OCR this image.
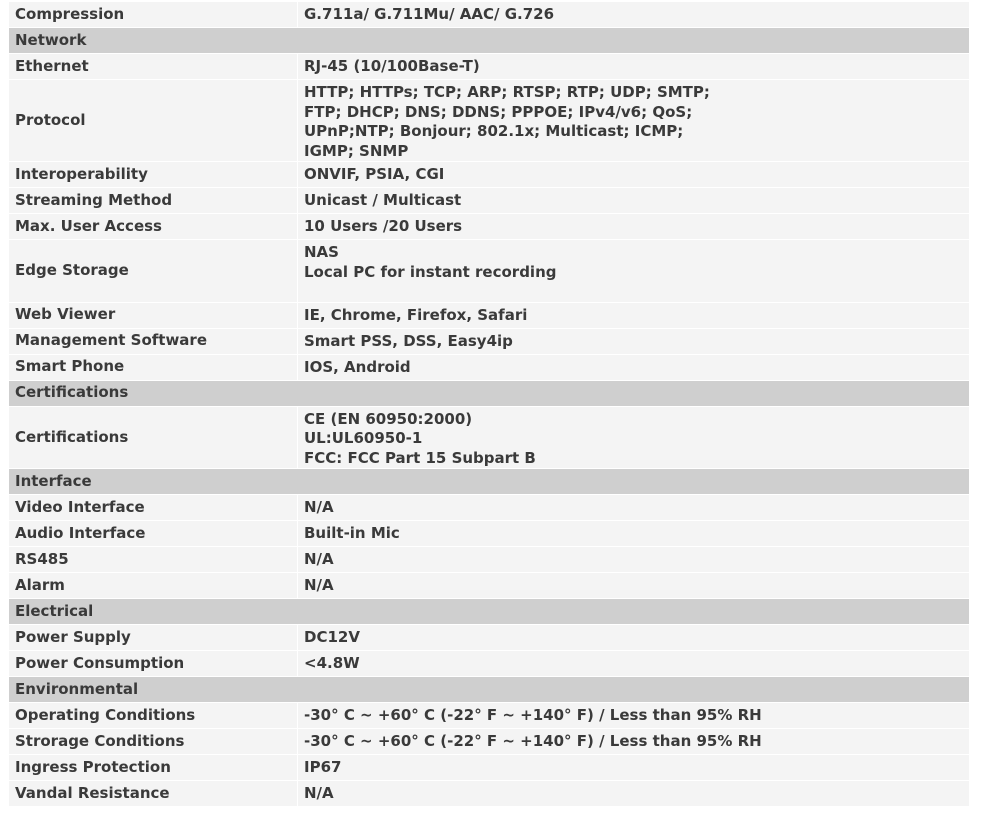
Compression	G.711a/ G.711Mu/ AAC/ G.726

Network	
Ethernet	RJ-45 (10/100Base-T)

Protocol	HTTP; HTTPs; TCP; ARP; RTSP; RTP; UDP; SMTP;
FTP; DHCP; DNS; DDNS; PPPOE; IPv4/v6; QoS;
UPnP;NTP; Bonjour; 802.1x; Multicast; ICMP;
IGMP; SNMP

Interoperability	ONVIF, PSIA, CGI

Streaming Method	Unicast / Multicast

Max. User Access	10 Users /20 Users

Edge Storage	NAS
Local PC for instant recording

Web Viewer	IE, Chrome, Firefox, Safari

Management Software	Smart PSS, DSS, Easy4ip

Smart Phone	IOS, Android

Certifications	
Certifications	CE (EN 60950:2000)
UL:UL60950-1
FCC: FCC Part 15 Subpart B

Interface	
Video Interface	N/A

Audio Interface	Built-in Mic

RS485	N/A

Alarm	N/A

Electrical	
Power Supply	DC12V

Power Consumption	<4.8W

Environmental	
Operating Conditions	-30° C ~ +60° C (-22° F ~ +140° F) / Less than 95% RH

Strorage Conditions	-30° C ~ +60° C (-22° F ~ +140° F) / Less than 95% RH

Ingress Protection	IP67

Vandal Resistance	N/A
